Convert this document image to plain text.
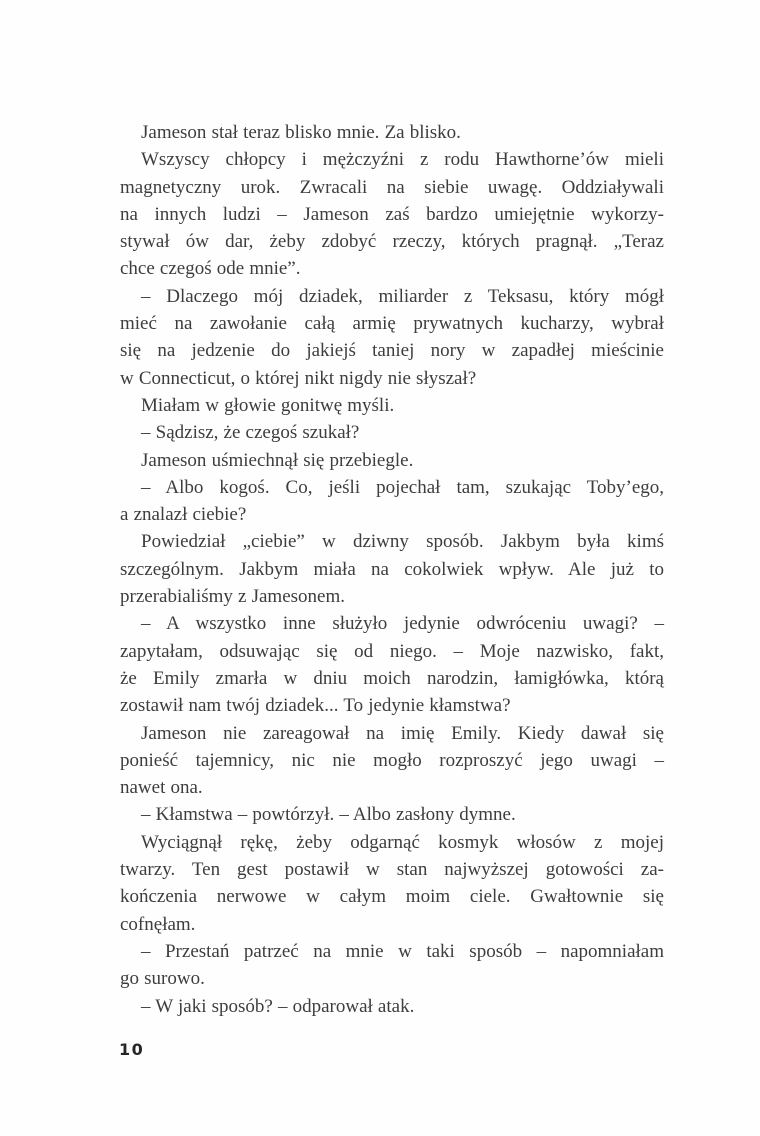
Jameson stał teraz blisko mnie. Za blisko.
Wszyscy chłopcy i mężczyźni z rodu Hawthorne’ów mieli
magnetyczny urok. Zwracali na siebie uwagę. Oddziaływali
na innych ludzi – Jameson zaś bardzo umiejętnie wykorzy-
stywał ów dar, żeby zdobyć rzeczy, których pragnął. „Teraz
chce czegoś ode mnie”.
– Dlaczego mój dziadek, miliarder z Teksasu, który mógł
mieć na zawołanie całą armię prywatnych kucharzy, wybrał
się na jedzenie do jakiejś taniej nory w zapadłej mieścinie
w Connecticut, o której nikt nigdy nie słyszał?
Miałam w głowie gonitwę myśli.
– Sądzisz, że czegoś szukał?
Jameson uśmiechnął się przebiegle.
– Albo kogoś. Co, jeśli pojechał tam, szukając Toby’ego,
a znalazł ciebie?
Powiedział „ciebie” w dziwny sposób. Jakbym była kimś
szczególnym. Jakbym miała na cokolwiek wpływ. Ale już to
przerabialiśmy z Jamesonem.
– A wszystko inne służyło jedynie odwróceniu uwagi? –
zapytałam, odsuwając się od niego. – Moje nazwisko, fakt,
że Emily zmarła w dniu moich narodzin, łamigłówka, którą
zostawił nam twój dziadek... To jedynie kłamstwa?
Jameson nie zareagował na imię Emily. Kiedy dawał się
ponieść tajemnicy, nic nie mogło rozproszyć jego uwagi –
nawet ona.
– Kłamstwa – powtórzył. – Albo zasłony dymne.
Wyciągnął rękę, żeby odgarnąć kosmyk włosów z mojej
twarzy. Ten gest postawił w stan najwyższej gotowości za-
kończenia nerwowe w całym moim ciele. Gwałtownie się
cofnęłam.
– Przestań patrzeć na mnie w taki sposób – napomniałam
go surowo.
– W jaki sposób? – odparował atak.
10
